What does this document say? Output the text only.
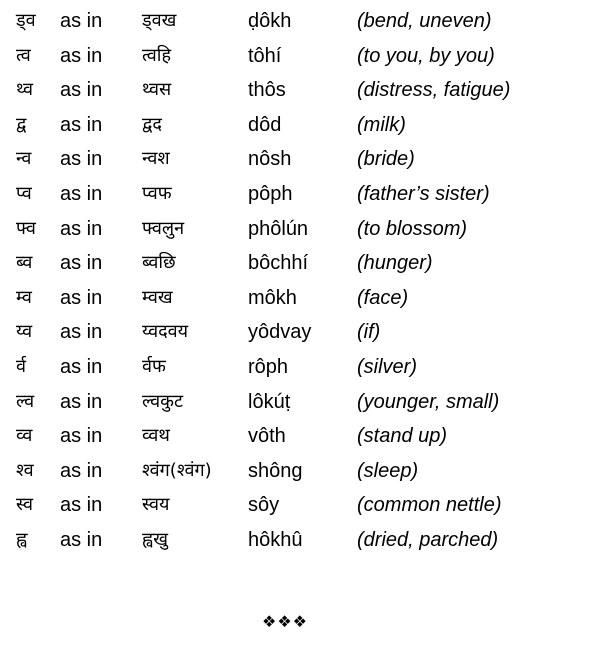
ड्व as in ड्वख	ḍôkh	(bend, uneven)
त्व as in त्वहि	tôhí	(to you, by you)
थ्व as in थ्वस	thôs	(distress, fatigue)
द्व as in द्वद	dôd	(milk)
न्व as in न्वश	nôsh	(bride)
प्व as in प्वफ	pôph	(father’s sister)
फ्व as in फ्वलुन	phôlún (to blossom)
ब्व as in ब्वछि	bôchhí (hunger)
म्व as in म्वख	môkh	(face)
य्व as in य्वदवय	yôdvay (if)
र्व as in र्वफ	rôph	(silver)
ल्व as in ल्वकुट	lôkúṭ	(younger, small)
व्व as in व्वथ	vôth	(stand up)
श्व as in श्वंग(श्वंग) shông	(sleep)
स्व as in स्वय	sôy	(common nettle)
ह्व as in ह्वखु	hôkhû	(dried, parched)
❖❖❖
